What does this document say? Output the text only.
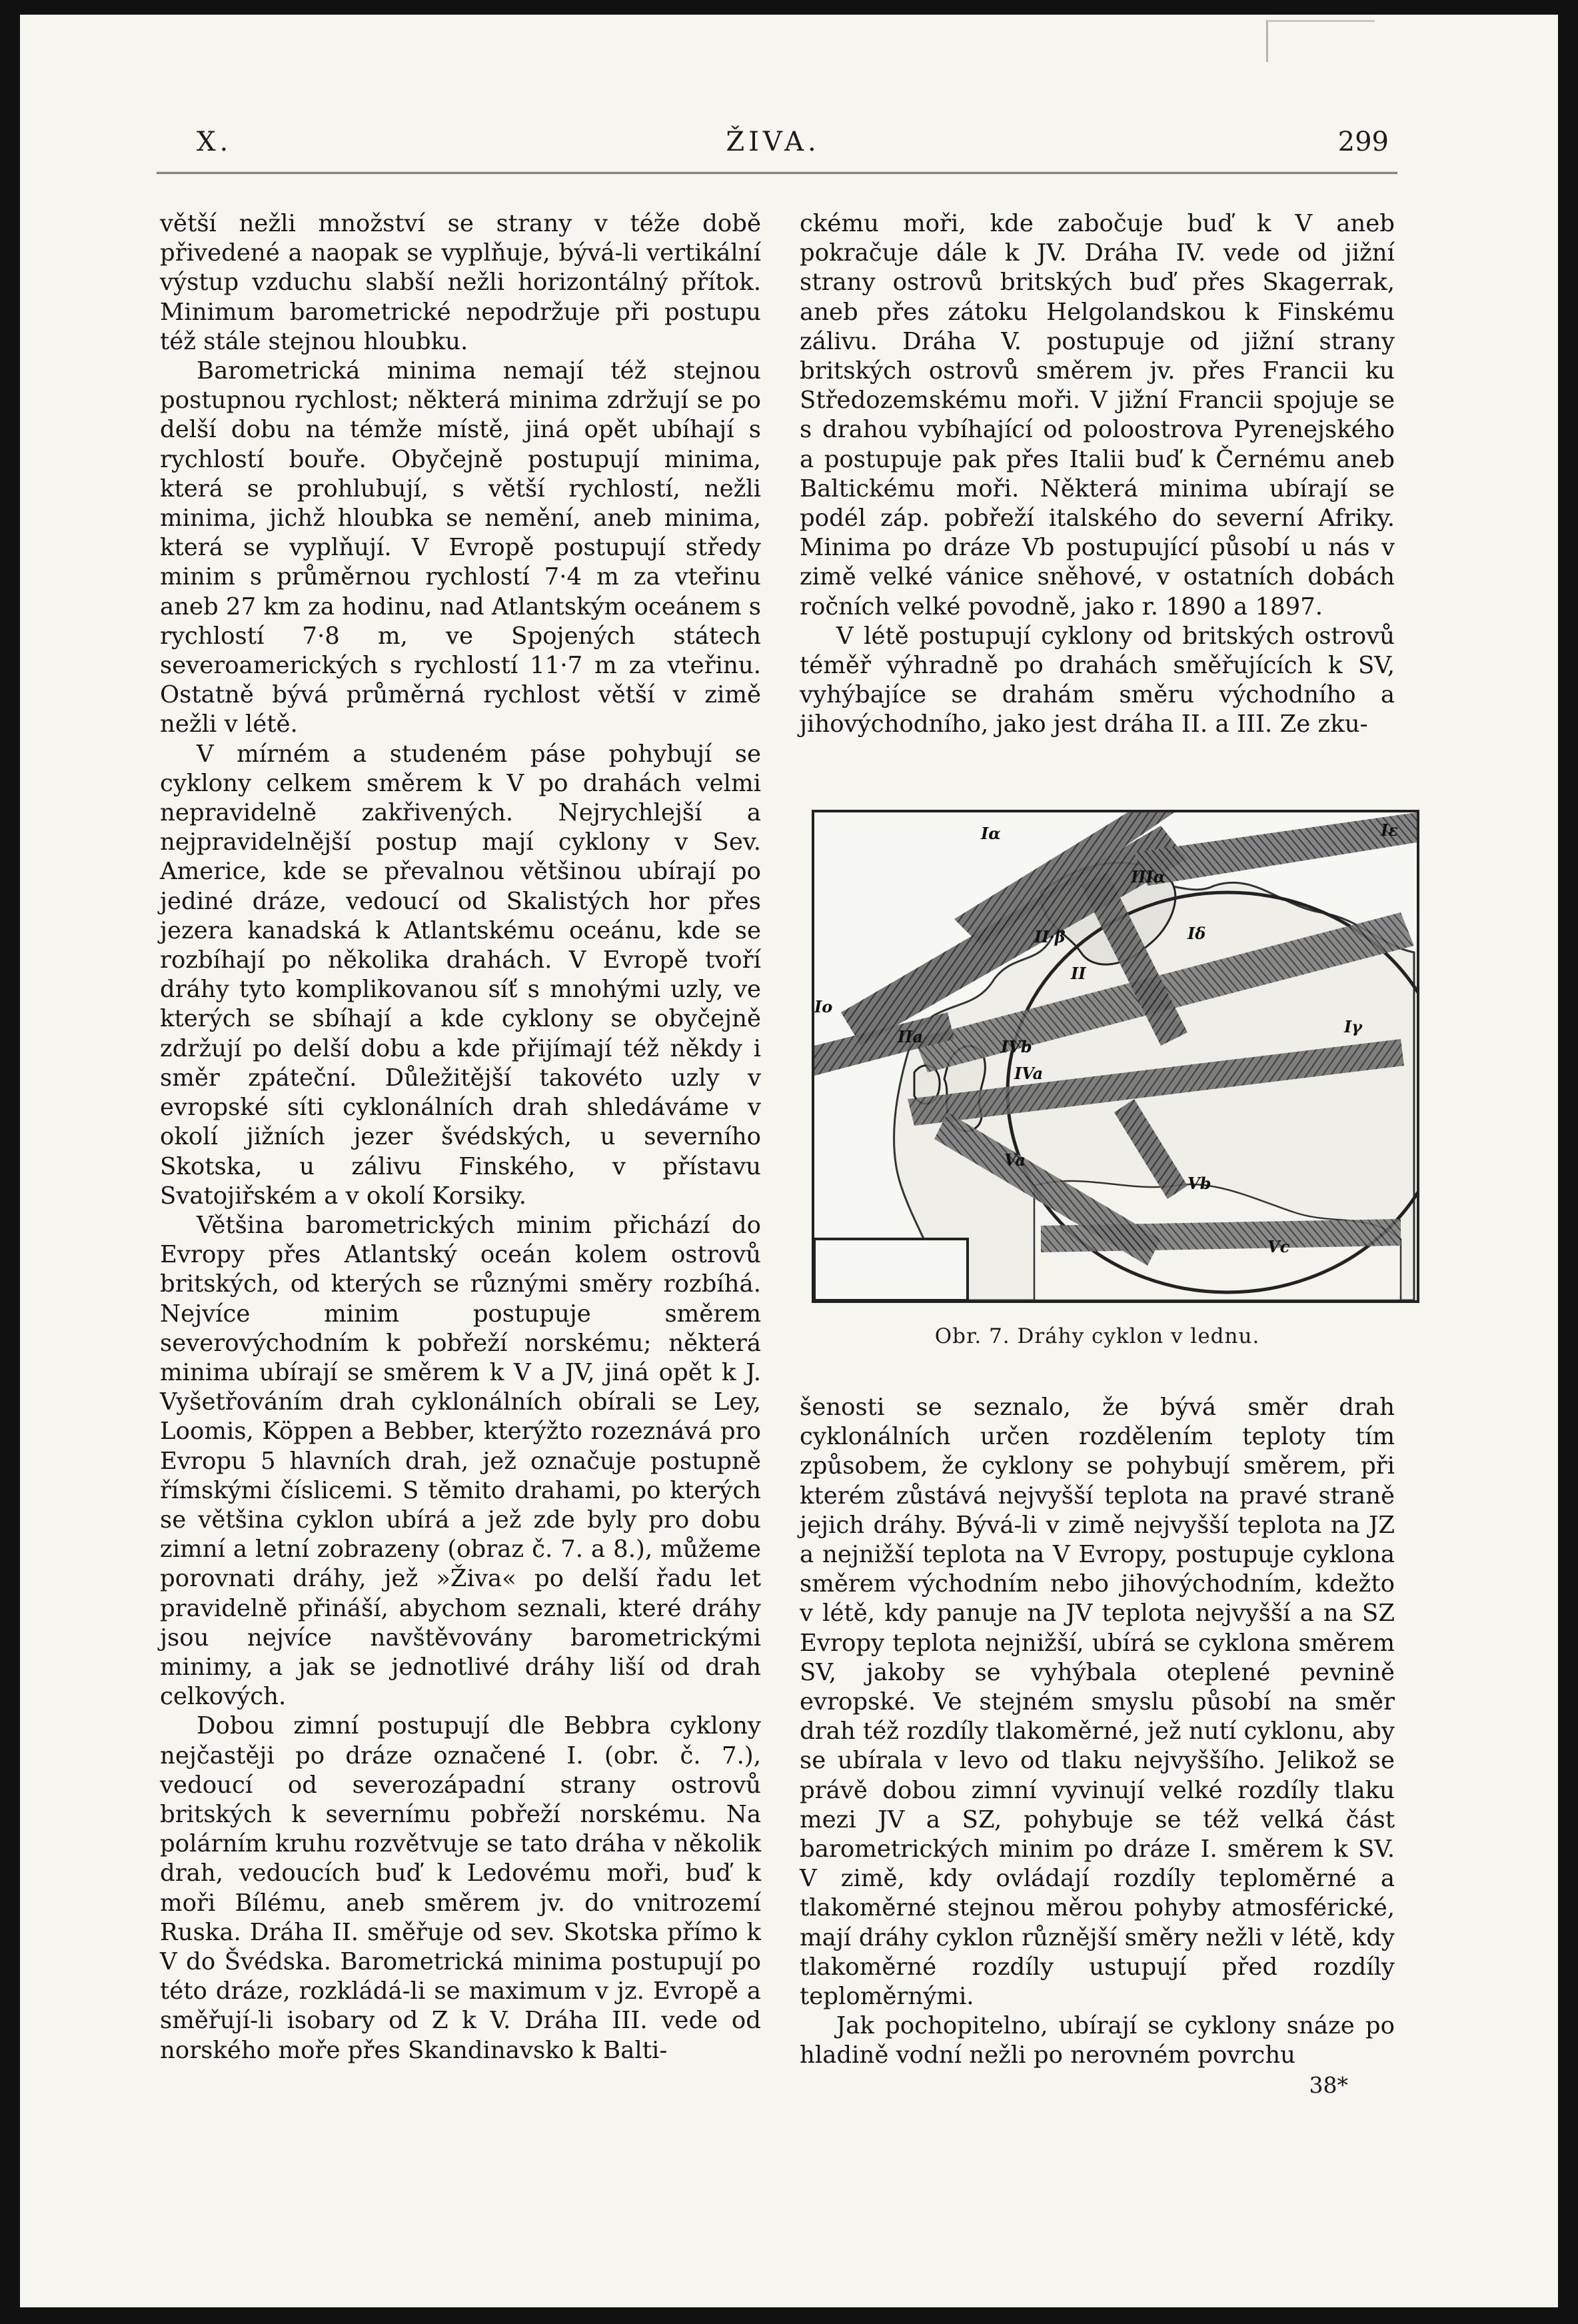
X.	ŽIVA.	299

větší nežli množství se strany v téže době přivedené a naopak se vyplňuje, bývá-li vertikální výstup vzduchu slabší nežli horizontálný přítok. Minimum barometrické nepodržuje při postupu též stále stejnou hloubku.

Barometrická minima nemají též stejnou postupnou rychlost; některá minima zdržují se po delší dobu na témže místě, jiná opět ubíhají s rychlostí bouře. Obyčejně postupují minima, která se prohlubují, s větší rychlostí, nežli minima, jichž hloubka se nemění, aneb minima, která se vyplňují. V Evropě postupují středy minim s průměrnou rychlostí 7·4 m za vteřinu aneb 27 km za hodinu, nad Atlantským oceánem s rychlostí 7·8 m, ve Spojených státech severoamerických s rychlostí 11·7 m za vteřinu. Ostatně bývá průměrná rychlost větší v zimě nežli v létě.

V mírném a studeném páse pohybují se cyklony celkem směrem k V po drahách velmi nepravidelně zakřivených. Nejrychlejší a nejpravidelnější postup mají cyklony v Sev. Americe, kde se převalnou většinou ubírají po jediné dráze, vedoucí od Skalistých hor přes jezera kanadská k Atlantskému oceánu, kde se rozbíhají po několika drahách. V Evropě tvoří dráhy tyto komplikovanou síť s mnohými uzly, ve kterých se sbíhají a kde cyklony se obyčejně zdržují po delší dobu a kde přijímají též někdy i směr zpáteční. Důležitější takovéto uzly v evropské síti cyklonálních drah shledáváme v okolí jižních jezer švédských, u severního Skotska, u zálivu Finského, v přístavu Svatojiřském a v okolí Korsiky.

Většina barometrických minim přichází do Evropy přes Atlantský oceán kolem ostrovů britských, od kterých se různými směry rozbíhá. Nejvíce minim postupuje směrem severovýchodním k pobřeží norskému; některá minima ubírají se směrem k V a JV, jiná opět k J. Vyšetřováním drah cyklonálních obírali se Ley, Loomis, Köppen a Bebber, kterýžto rozeznává pro Evropu 5 hlavních drah, jež označuje postupně římskými číslicemi. S těmito drahami, po kterých se většina cyklon ubírá a jež zde byly pro dobu zimní a letní zobrazeny (obraz č. 7. a 8.), můžeme porovnati dráhy, jež »Živa« po delší řadu let pravidelně přináší, abychom seznali, které dráhy jsou nejvíce navštěvovány barometrickými minimy, a jak se jednotlivé dráhy liší od drah celkových.

Dobou zimní postupují dle Bebbra cyklony nejčastěji po dráze označené I. (obr. č. 7.), vedoucí od severozápadní strany ostrovů britských k severnímu pobřeží norskému. Na polárním kruhu rozvětvuje se tato dráha v několik drah, vedoucích buď k Ledovému moři, buď k moři Bílému, aneb směrem jv. do vnitrozemí Ruska. Dráha II. směřuje od sev. Skotska přímo k V do Švédska. Barometrická minima postupují po této dráze, rozkládá-li se maximum v jz. Evropě a směřují-li isobary od Z k V. Dráha III. vede od norského moře přes Skandinavsko k Balti-

ckému moři, kde zabočuje buď k V aneb pokračuje dále k JV. Dráha IV. vede od jižní strany ostrovů britských buď přes Skagerrak, aneb přes zátoku Helgolandskou k Finskému zálivu. Dráha V. postupuje od jižní strany britských ostrovů směrem jv. přes Francii ku Středozemskému moři. V jižní Francii spojuje se s drahou vybíhající od poloostrova Pyrenejského a postupuje pak přes Italii buď k Černému aneb Baltickému moři. Některá minima ubírají se podél záp. pobřeží italského do severní Afriky. Minima po dráze Vb postupující působí u nás v zimě velké vánice sněhové, v ostatních dobách ročních velké povodně, jako r. 1890 a 1897.

V létě postupují cyklony od britských ostrovů téměř výhradně po drahách směřujících k SV, vyhýbajíce se drahám směru východního a jihovýchodního, jako jest dráha II. a III. Ze zku-

Iα	Iε
IIIα
Iδ
II·β
II
Iγ
Io
IIa
IVb
IVa
Va
Vb
Vc
Obr. 7. Dráhy cyklon v lednu.

šenosti se seznalo, že bývá směr drah cyklonálních určen rozdělením teploty tím způsobem, že cyklony se pohybují směrem, při kterém zůstává nejvyšší teplota na pravé straně jejich dráhy. Bývá-li v zimě nejvyšší teplota na JZ a nejnižší teplota na V Evropy, postupuje cyklona směrem východním nebo jihovýchodním, kdežto v létě, kdy panuje na JV teplota nejvyšší a na SZ Evropy teplota nejnižší, ubírá se cyklona směrem SV, jakoby se vyhýbala oteplené pevnině evropské. Ve stejném smyslu působí na směr drah též rozdíly tlakoměrné, jež nutí cyklonu, aby se ubírala v levo od tlaku nejvyššího. Jelikož se právě dobou zimní vyvinují velké rozdíly tlaku mezi JV a SZ, pohybuje se též velká část barometrických minim po dráze I. směrem k SV. V zimě, kdy ovládají rozdíly teploměrné a tlakoměrné stejnou měrou pohyby atmosférické, mají dráhy cyklon různější směry nežli v létě, kdy tlakoměrné rozdíly ustupují před rozdíly teploměrnými.

Jak pochopitelno, ubírají se cyklony snáze po hladině vodní nežli po nerovném povrchu

38*
